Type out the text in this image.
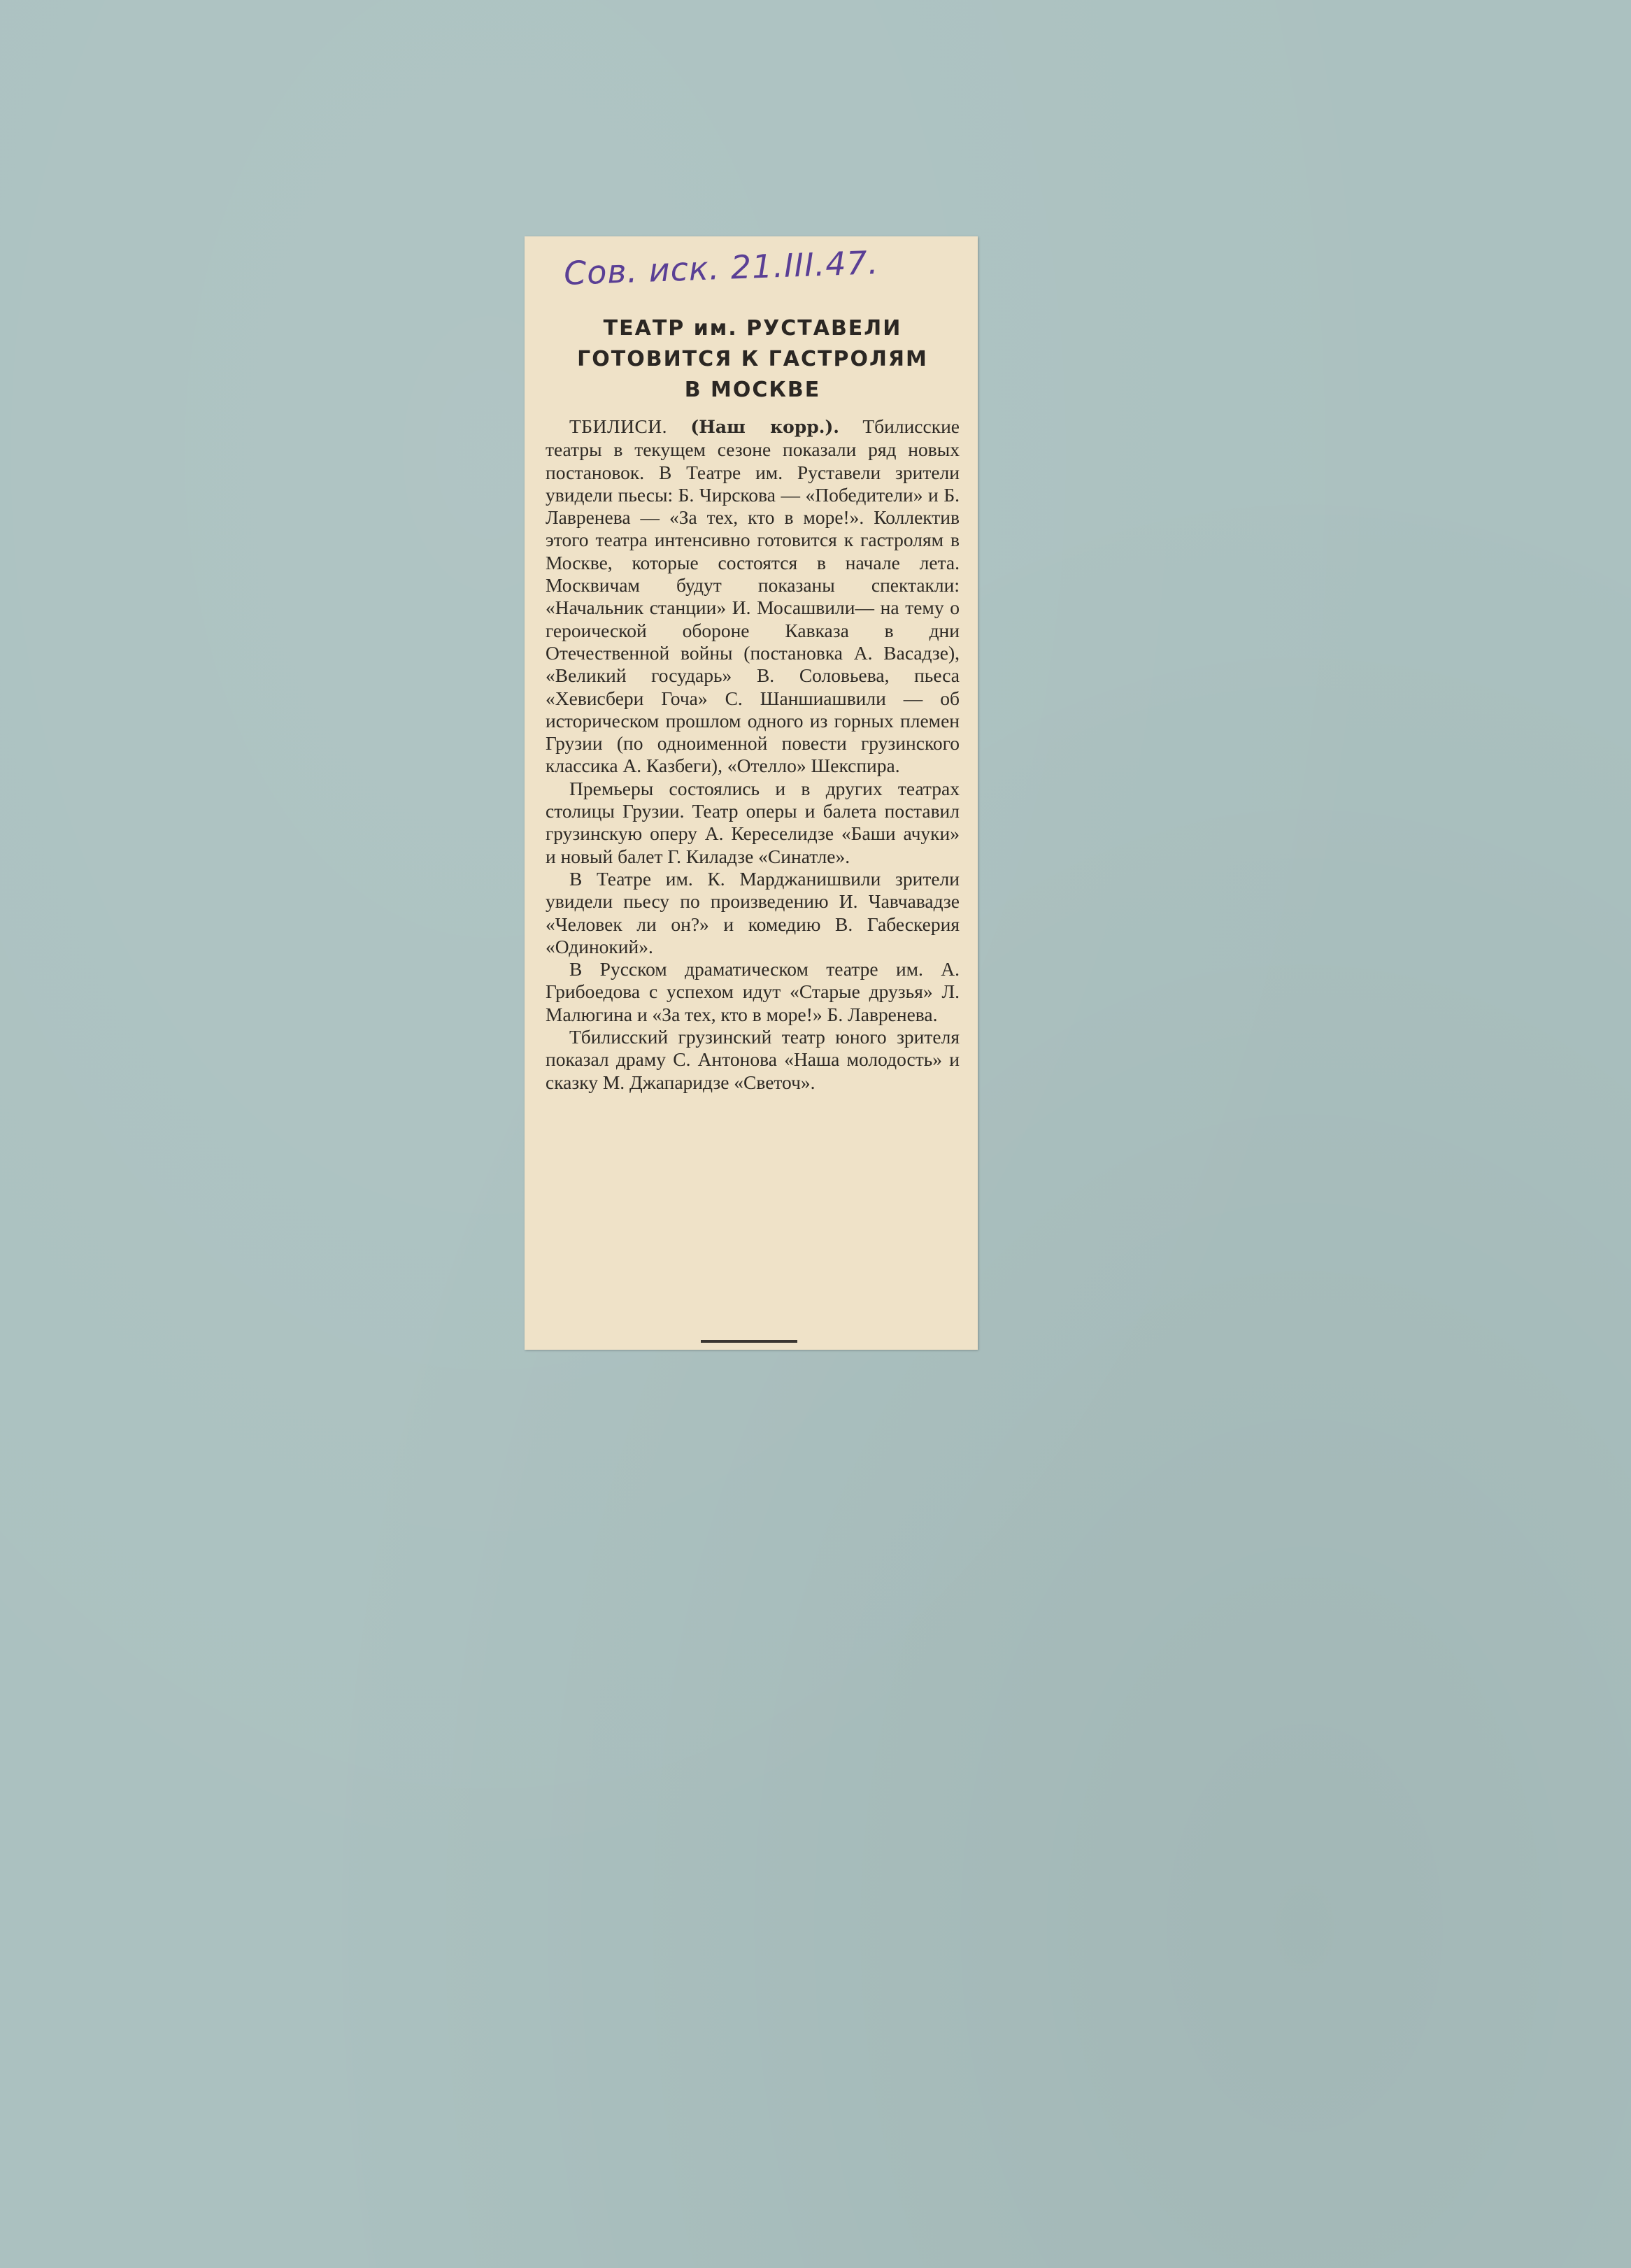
Сов. иск. 21.III.47.
ТЕАТР им. РУСТАВЕЛИ
ГОТОВИТСЯ К ГАСТРОЛЯМ
В МОСКВЕ

ТБИЛИСИ. (Наш корр.). Тбилисские театры в текущем сезоне показали ряд новых постановок. В Театре им. Руставели зрители увидели пьесы: Б. Чирскова — «Победители» и Б. Лавренева — «За тех, кто в море!». Коллектив этого театра интенсивно готовится к гастролям в Москве, которые состоятся в начале лета. Москвичам будут показаны спектакли: «Начальник станции» И. Мосашвили— на тему о героической обороне Кавказа в дни Отечественной войны (постановка А. Васадзе), «Великий государь» В. Соловьева, пьеса «Хевисбери Гоча» С. Шаншиашвили — об историческом прошлом одного из горных племен Грузии (по одноименной повести грузинского классика А. Казбеги), «Отелло» Шекспира.

Премьеры состоялись и в других театрах столицы Грузии. Театр оперы и балета поставил грузинскую оперу А. Кереселидзе «Баши ачуки» и новый балет Г. Киладзе «Синатле».

В Театре им. К. Марджанишвили зрители увидели пьесу по произведению И. Чавчавадзе «Человек ли он?» и комедию В. Габескерия «Одинокий».

В Русском драматическом театре им. А. Грибоедова с успехом идут «Старые друзья» Л. Малюгина и «За тех, кто в море!» Б. Лавренева.

Тбилисский грузинский театр юного зрителя показал драму С. Антонова «Наша молодость» и сказку М. Джапаридзе «Светоч».
